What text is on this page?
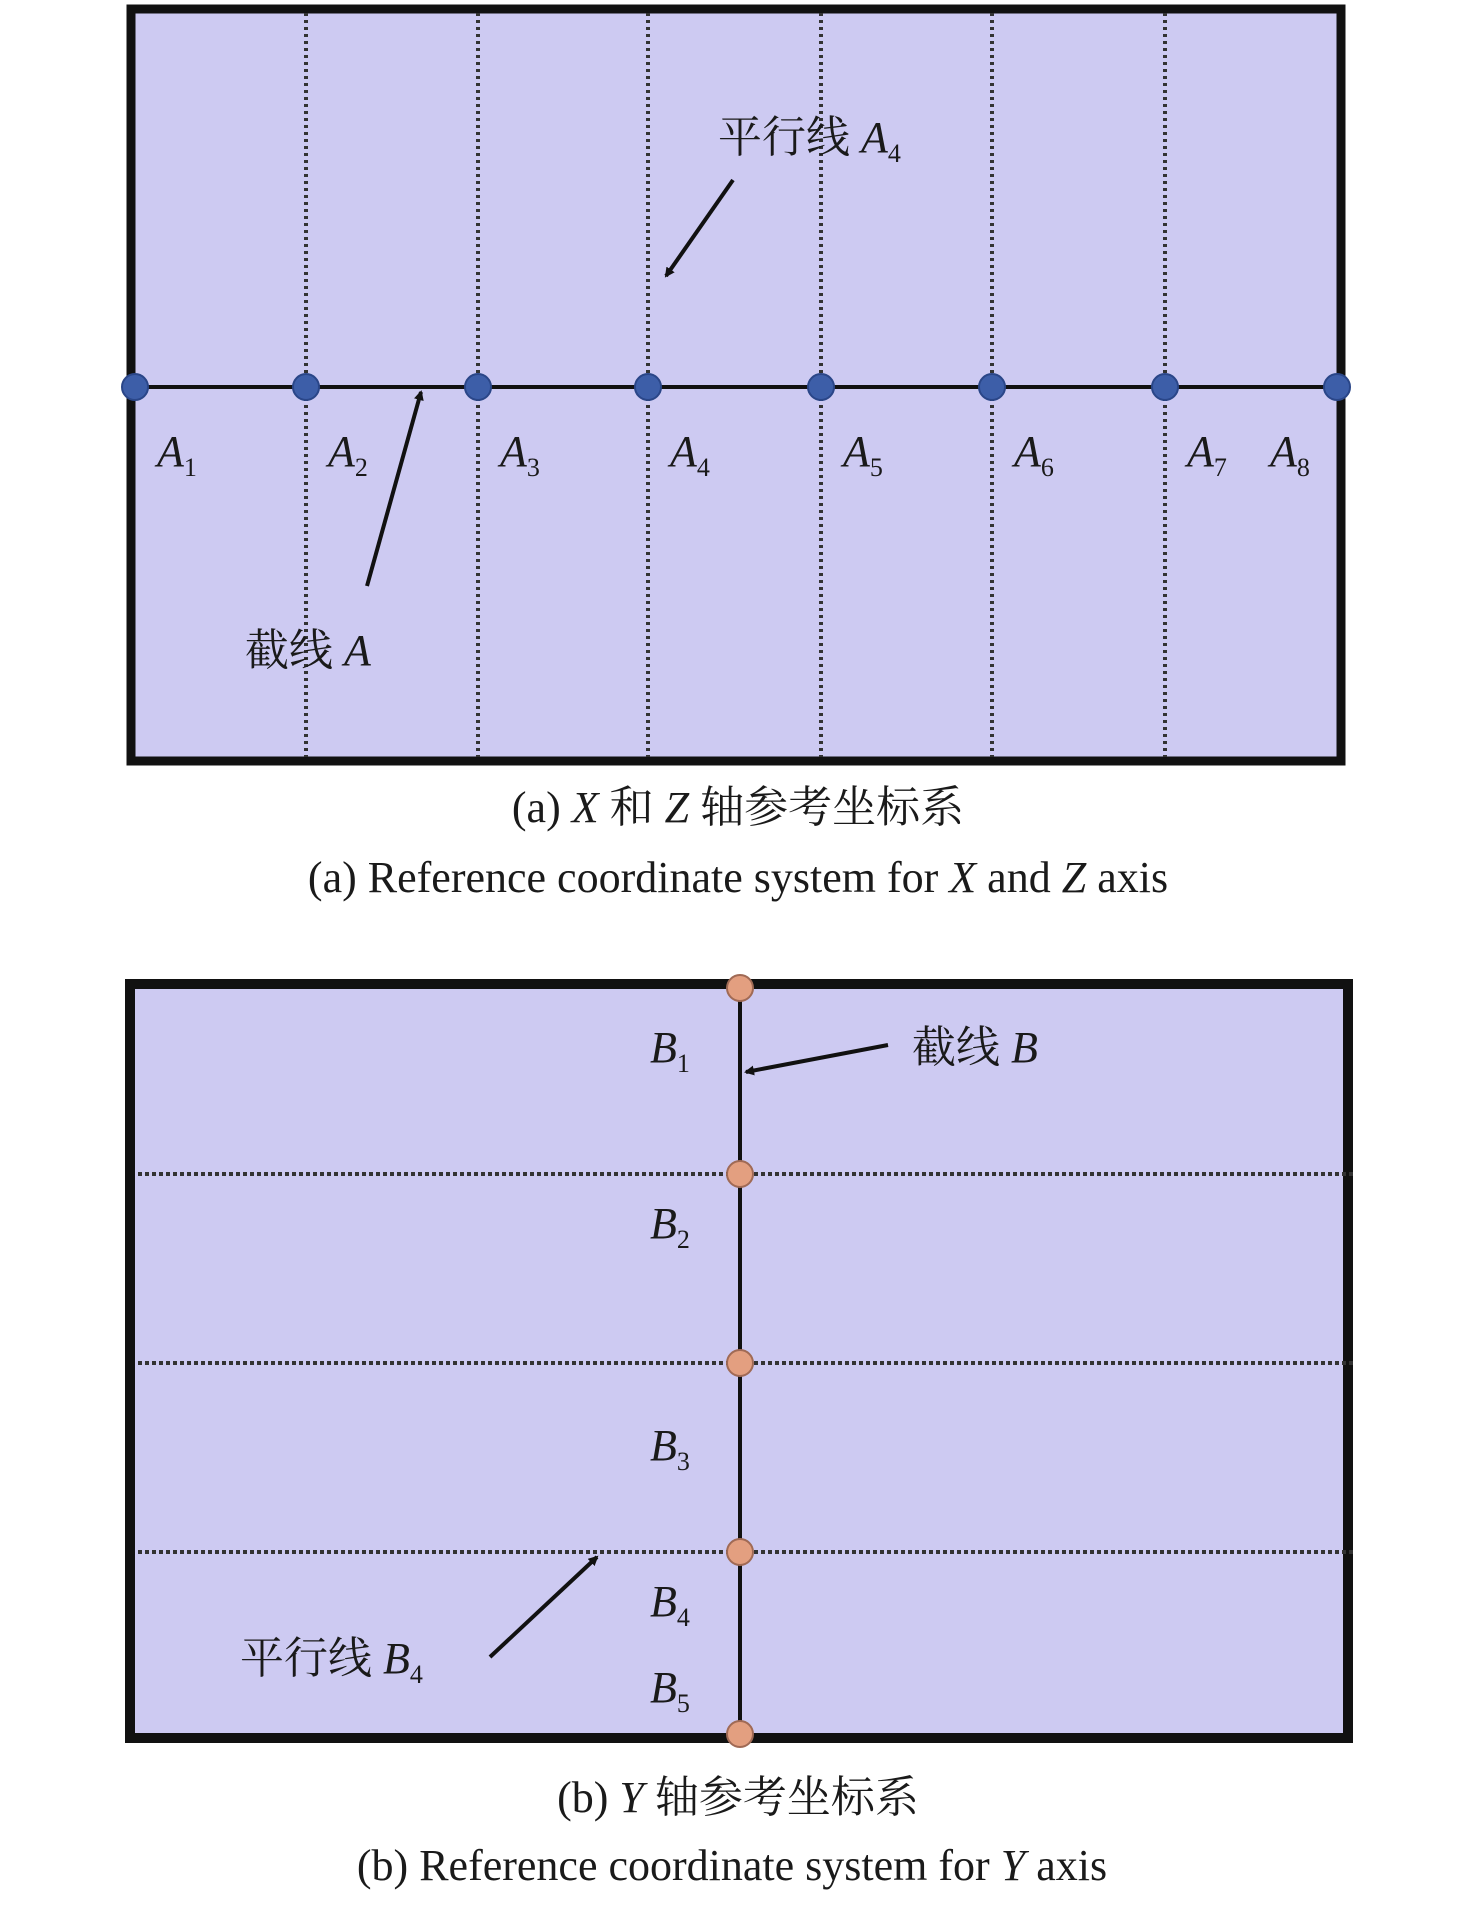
$A_1$	$A_2$	$A_3$	$A_4$	$A_5$	$A_6$	$A_7$ $A_8$
平行线 $A_4$
截线 A
(a) X 和 Z 轴参考坐标系
(a) Reference coordinate system for X and Z axis
$B_1$
$B_2$
$B_3$
$B_4$
$B_5$
截线 B
平行线 $B_4$
(b) Y 轴参考坐标系
(b) Reference coordinate system for Y axis
